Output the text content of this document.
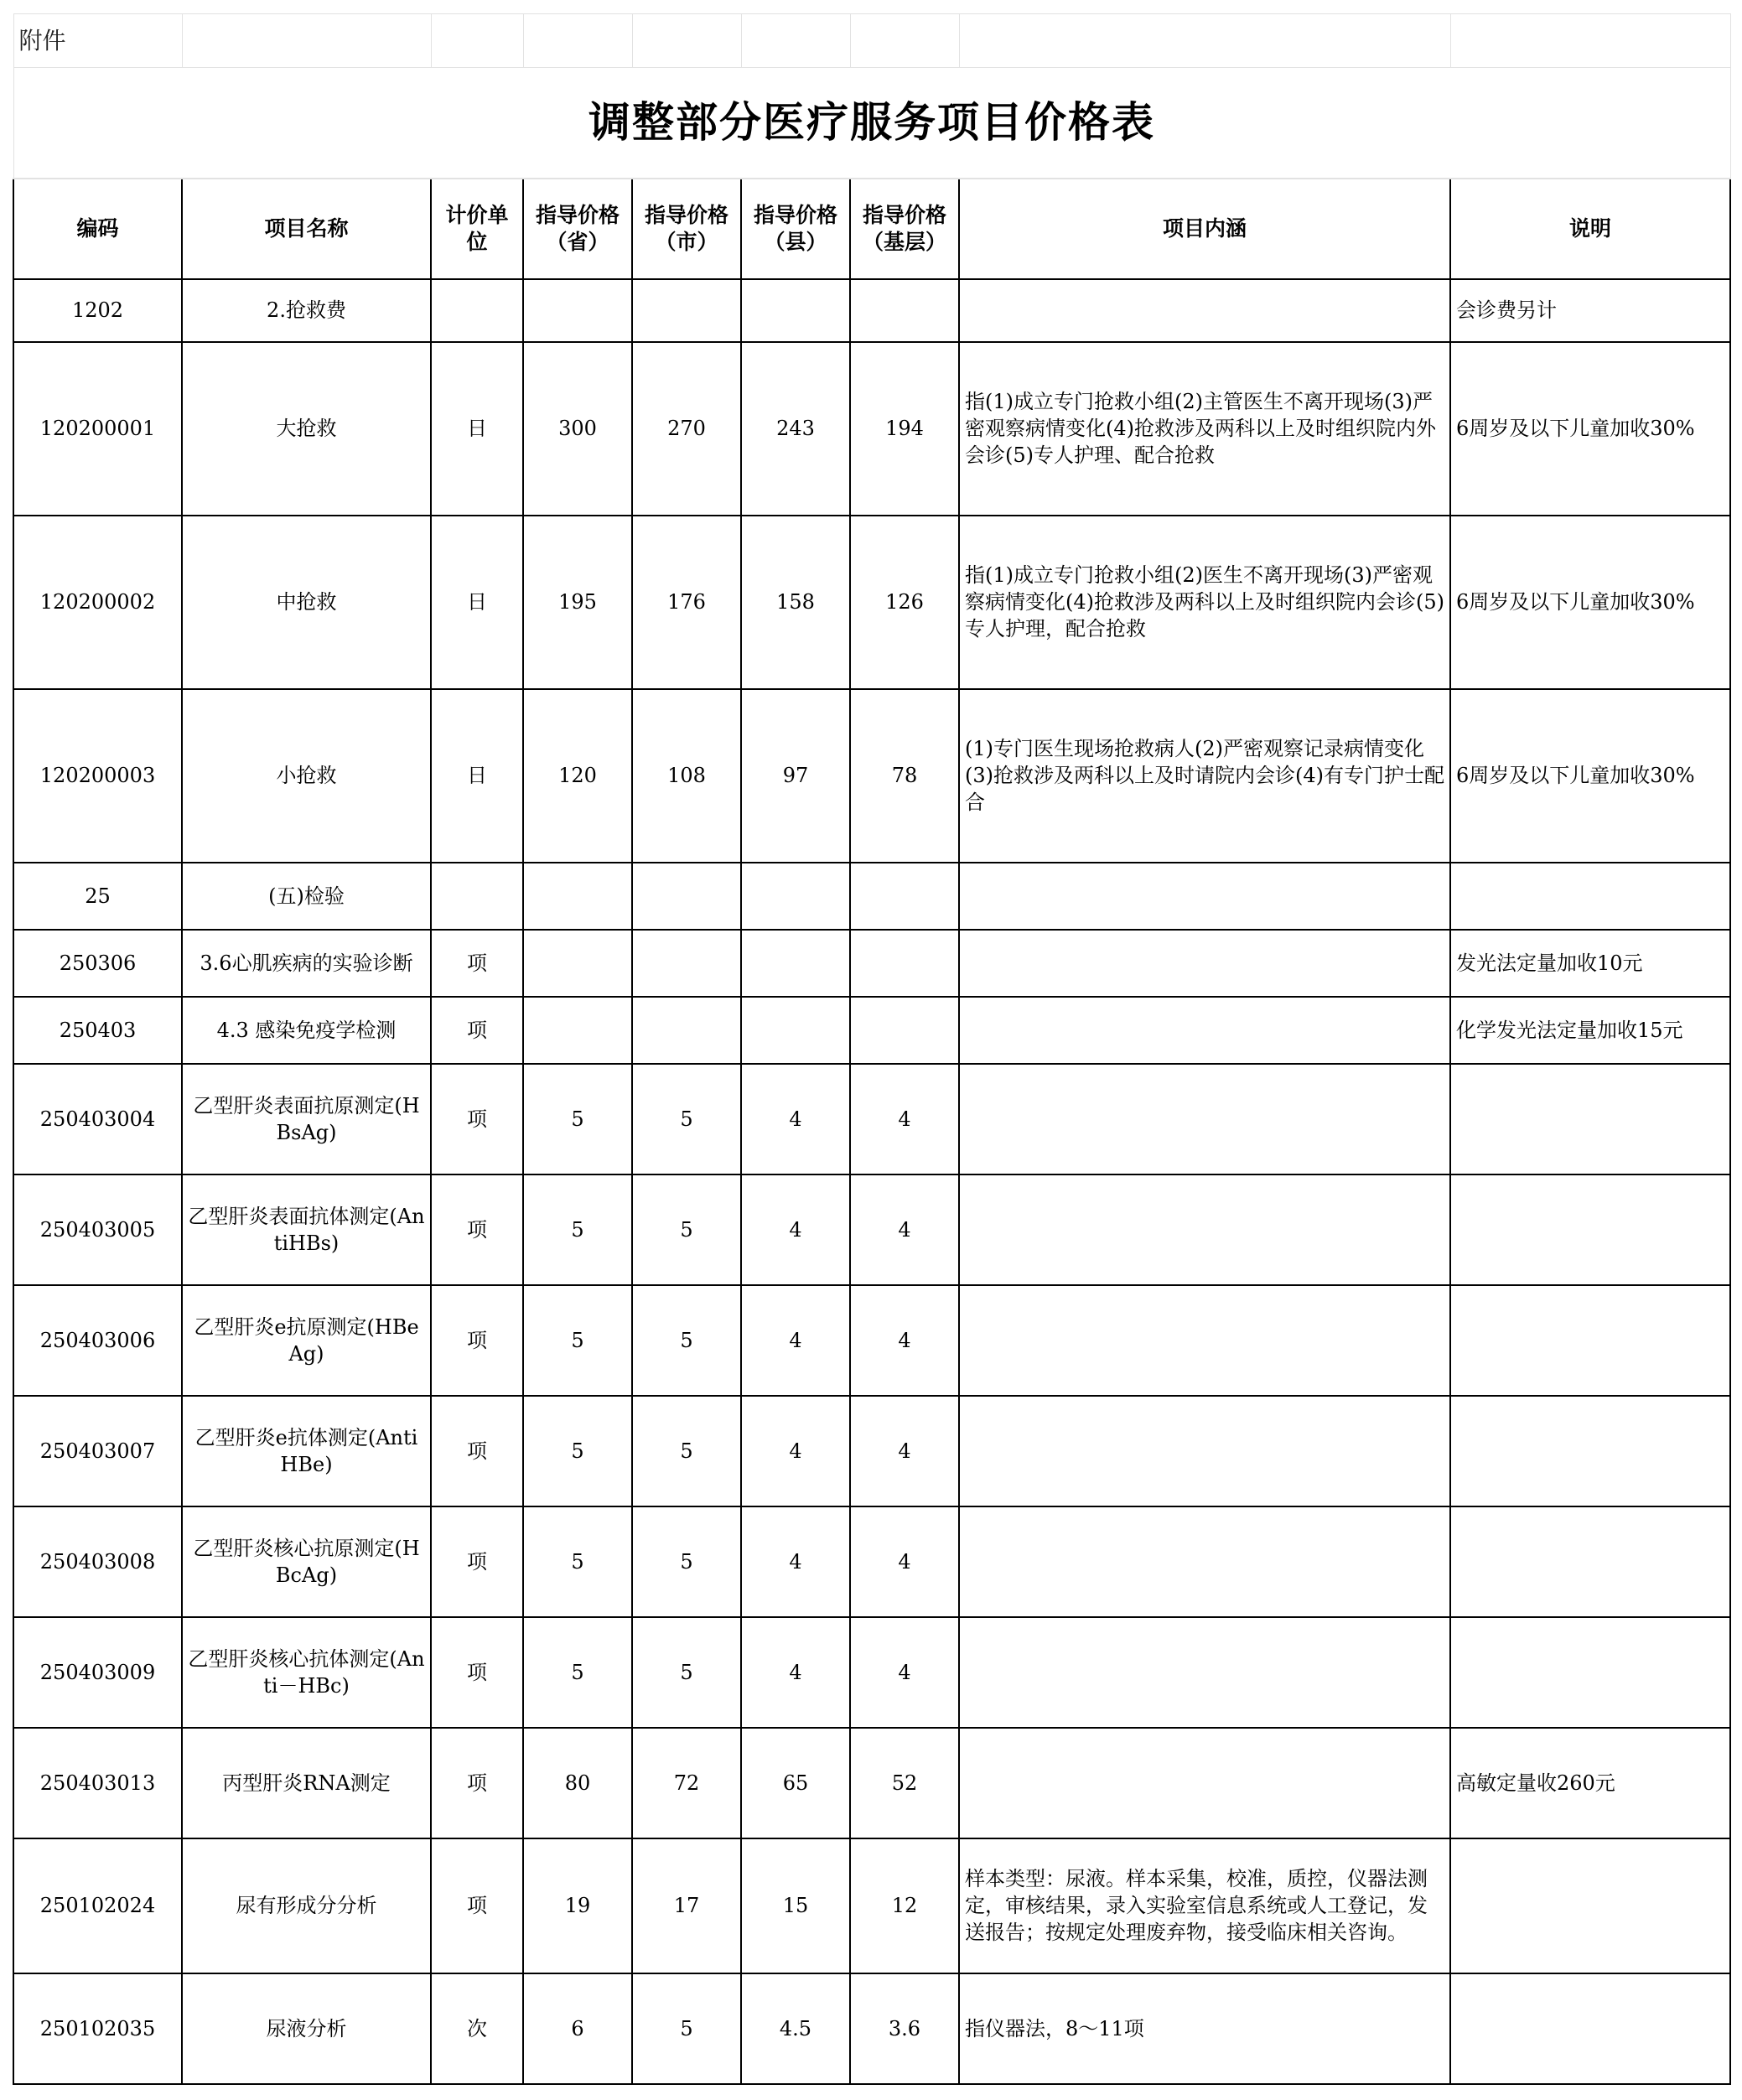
附件								
调整部分医疗服务项目价格表								
编码	项目名称	计价单位	指导价格（省）	指导价格（市）	指导价格（县）	指导价格（基层）	项目内涵	说明
1202	2.抢救费							会诊费另计
120200001	大抢救	日	300	270	243	194	指(1)成立专门抢救小组(2)主管医生不离开现场(3)严密观察病情变化(4)抢救涉及两科以上及时组织院内外会诊(5)专人护理、配合抢救	6周岁及以下儿童加收30%
120200002	中抢救	日	195	176	158	126	指(1)成立专门抢救小组(2)医生不离开现场(3)严密观察病情变化(4)抢救涉及两科以上及时组织院内会诊(5)专人护理，配合抢救	6周岁及以下儿童加收30%
120200003	小抢救	日	120	108	97	78	(1)专门医生现场抢救病人(2)严密观察记录病情变化(3)抢救涉及两科以上及时请院内会诊(4)有专门护士配合	6周岁及以下儿童加收30%
25	(五)检验							
250306	3.6心肌疾病的实验诊断	项						发光法定量加收10元
250403	4.3 感染免疫学检测	项						化学发光法定量加收15元
250403004	乙型肝炎表面抗原测定(HBsAg)	项	5	5	4	4		
250403005	乙型肝炎表面抗体测定(AntiHBs)	项	5	5	4	4		
250403006	乙型肝炎e抗原测定(HBeAg)	项	5	5	4	4		
250403007	乙型肝炎e抗体测定(AntiHBe)	项	5	5	4	4		
250403008	乙型肝炎核心抗原测定(HBcAg)	项	5	5	4	4		
250403009	乙型肝炎核心抗体测定(Anti－HBc)	项	5	5	4	4		
250403013	丙型肝炎RNA测定	项	80	72	65	52		高敏定量收260元
250102024	尿有形成分分析	项	19	17	15	12	样本类型：尿液。样本采集，校准，质控，仪器法测定，审核结果，录入实验室信息系统或人工登记，发送报告；按规定处理废弃物，接受临床相关咨询。	
250102035	尿液分析	次	6	5	4.5	3.6	指仪器法，8～11项	
